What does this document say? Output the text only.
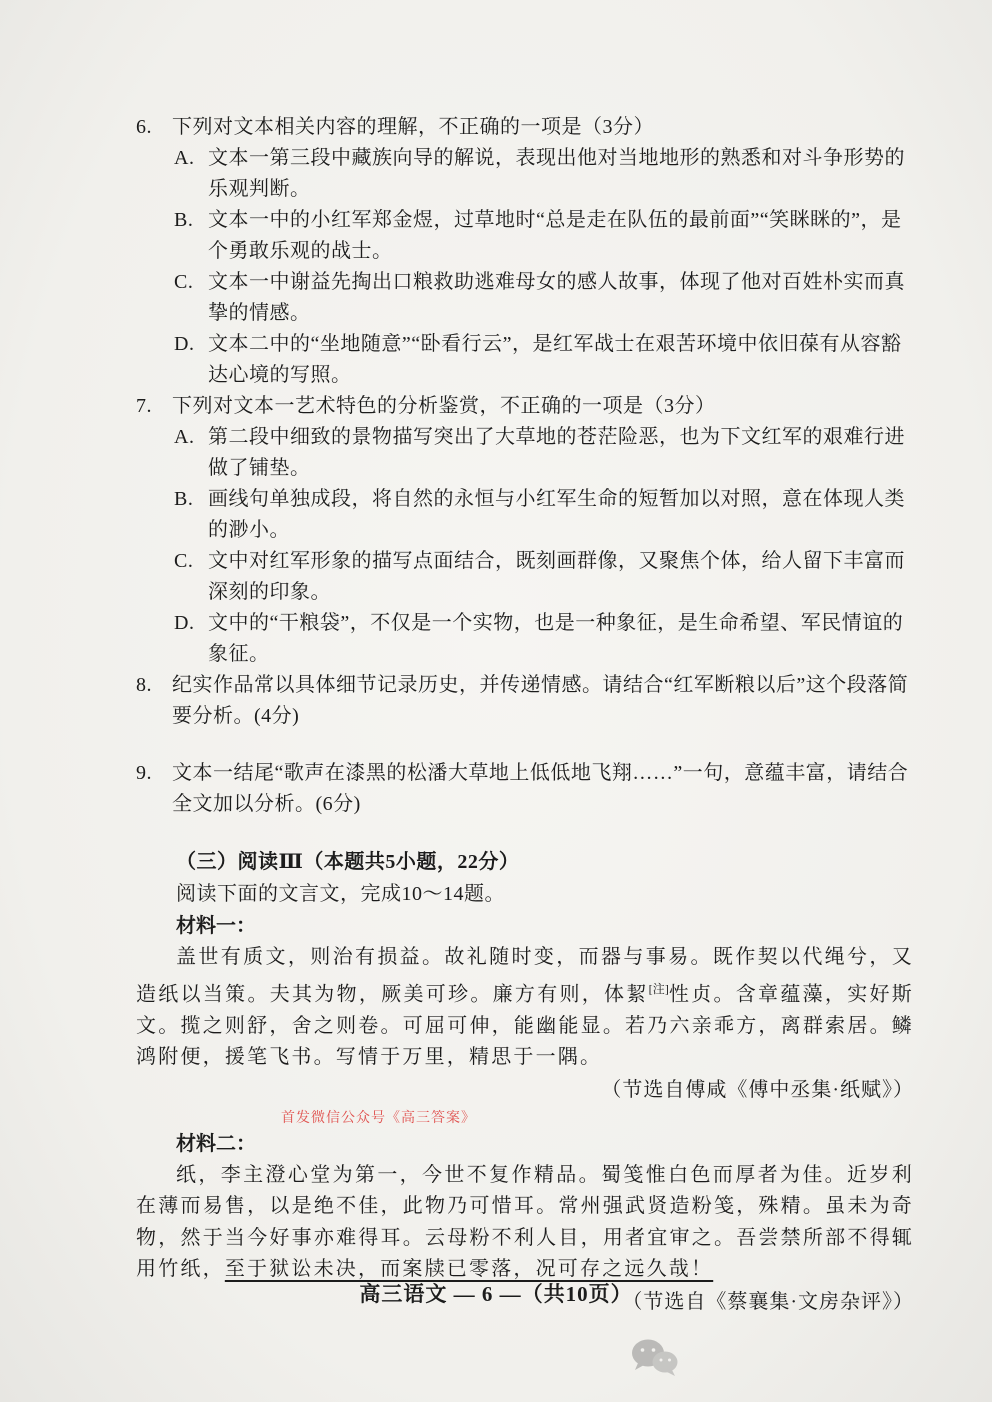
6.	下列对文本相关内容的理解，不正确的一项是（3分）
A. 文本一第三段中藏族向导的解说，表现出他对当地地形的熟悉和对斗争形势的乐观判断。
B. 文本一中的小红军郑金煜，过草地时“总是走在队伍的最前面”“笑眯眯的”，是个勇敢乐观的战士。
C. 文本一中谢益先掏出口粮救助逃难母女的感人故事，体现了他对百姓朴实而真挚的情感。
D. 文本二中的“坐地随意”“卧看行云”，是红军战士在艰苦环境中依旧葆有从容豁达心境的写照。
7.	下列对文本一艺术特色的分析鉴赏，不正确的一项是（3分）
A. 第二段中细致的景物描写突出了大草地的苍茫险恶，也为下文红军的艰难行进做了铺垫。
B. 画线句单独成段，将自然的永恒与小红军生命的短暂加以对照，意在体现人类的渺小。
C. 文中对红军形象的描写点面结合，既刻画群像，又聚焦个体，给人留下丰富而深刻的印象。
D. 文中的“干粮袋”，不仅是一个实物，也是一种象征，是生命希望、军民情谊的象征。
8.	纪实作品常以具体细节记录历史，并传递情感。请结合“红军断粮以后”这个段落简要分析。(4分)
9.	文本一结尾“歌声在漆黑的松潘大草地上低低地飞翔……”一句，意蕴丰富，请结合全文加以分析。(6分)
（三）阅读Ⅲ（本题共5小题，22分）
阅读下面的文言文，完成10～14题。
材料一：
盖世有质文，则治有损益。故礼随时变，而器与事易。既作契以代绳兮，又造纸以当策。夫其为物，厥美可珍。廉方有则，体絜[注]性贞。含章蕴藻，实好斯文。揽之则舒，舍之则卷。可屈可伸，能幽能显。若乃六亲乖方，离群索居。鳞鸿附便，援笔飞书。写情于万里，精思于一隅。
（节选自傅咸《傅中丞集·纸赋》）
首发微信公众号《高三答案》
材料二：
纸，李主澄心堂为第一，今世不复作精品。蜀笺惟白色而厚者为佳。近岁利在薄而易售，以是绝不佳，此物乃可惜耳。常州强武贤造粉笺，殊精。虽未为奇物，然于当今好事亦难得耳。云母粉不利人目，用者宜审之。吾尝禁所部不得辄用竹纸，至于狱讼未决，而案牍已零落，况可存之远久哉！
（节选自《蔡襄集·文房杂评》）
高三语文 — 6 —（共10页）
